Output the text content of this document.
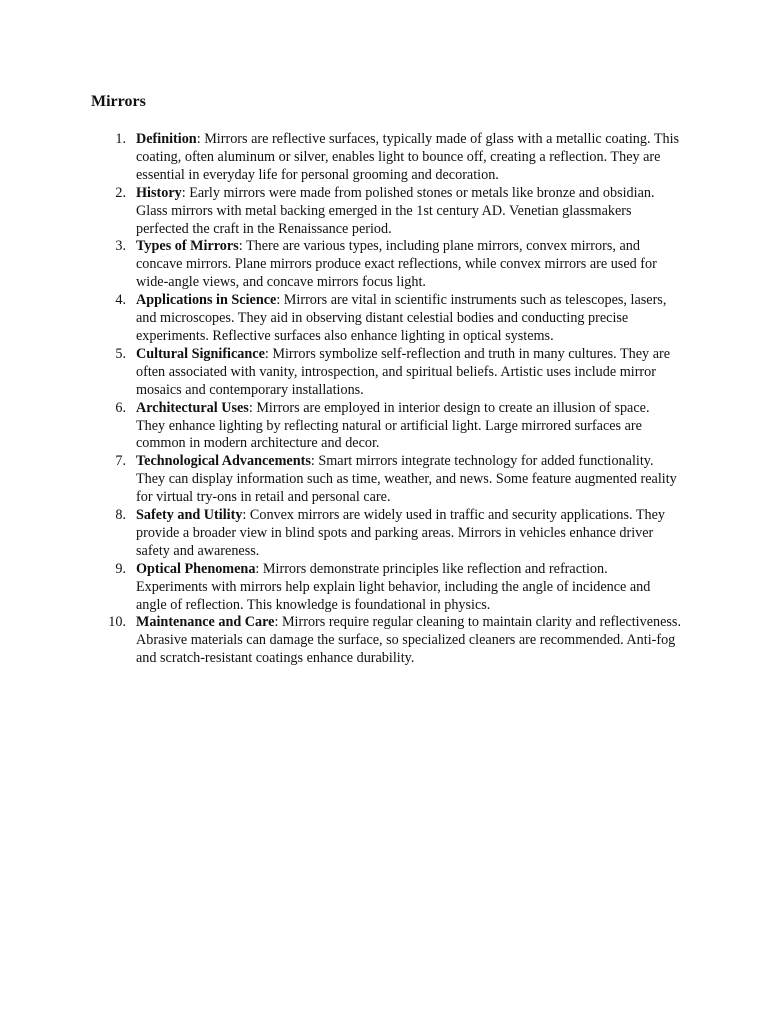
Mirrors
1. Definition: Mirrors are reflective surfaces, typically made of glass with a metallic coating. This coating, often aluminum or silver, enables light to bounce off, creating a reflection. They are essential in everyday life for personal grooming and decoration.
2. History: Early mirrors were made from polished stones or metals like bronze and obsidian. Glass mirrors with metal backing emerged in the 1st century AD. Venetian glassmakers perfected the craft in the Renaissance period.
3. Types of Mirrors: There are various types, including plane mirrors, convex mirrors, and concave mirrors. Plane mirrors produce exact reflections, while convex mirrors are used for wide-angle views, and concave mirrors focus light.
4. Applications in Science: Mirrors are vital in scientific instruments such as telescopes, lasers, and microscopes. They aid in observing distant celestial bodies and conducting precise experiments. Reflective surfaces also enhance lighting in optical systems.
5. Cultural Significance: Mirrors symbolize self-reflection and truth in many cultures. They are often associated with vanity, introspection, and spiritual beliefs. Artistic uses include mirror mosaics and contemporary installations.
6. Architectural Uses: Mirrors are employed in interior design to create an illusion of space. They enhance lighting by reflecting natural or artificial light. Large mirrored surfaces are common in modern architecture and decor.
7. Technological Advancements: Smart mirrors integrate technology for added functionality. They can display information such as time, weather, and news. Some feature augmented reality for virtual try-ons in retail and personal care.
8. Safety and Utility: Convex mirrors are widely used in traffic and security applications. They provide a broader view in blind spots and parking areas. Mirrors in vehicles enhance driver safety and awareness.
9. Optical Phenomena: Mirrors demonstrate principles like reflection and refraction. Experiments with mirrors help explain light behavior, including the angle of incidence and angle of reflection. This knowledge is foundational in physics.
10. Maintenance and Care: Mirrors require regular cleaning to maintain clarity and reflectiveness. Abrasive materials can damage the surface, so specialized cleaners are recommended. Anti-fog and scratch-resistant coatings enhance durability.
